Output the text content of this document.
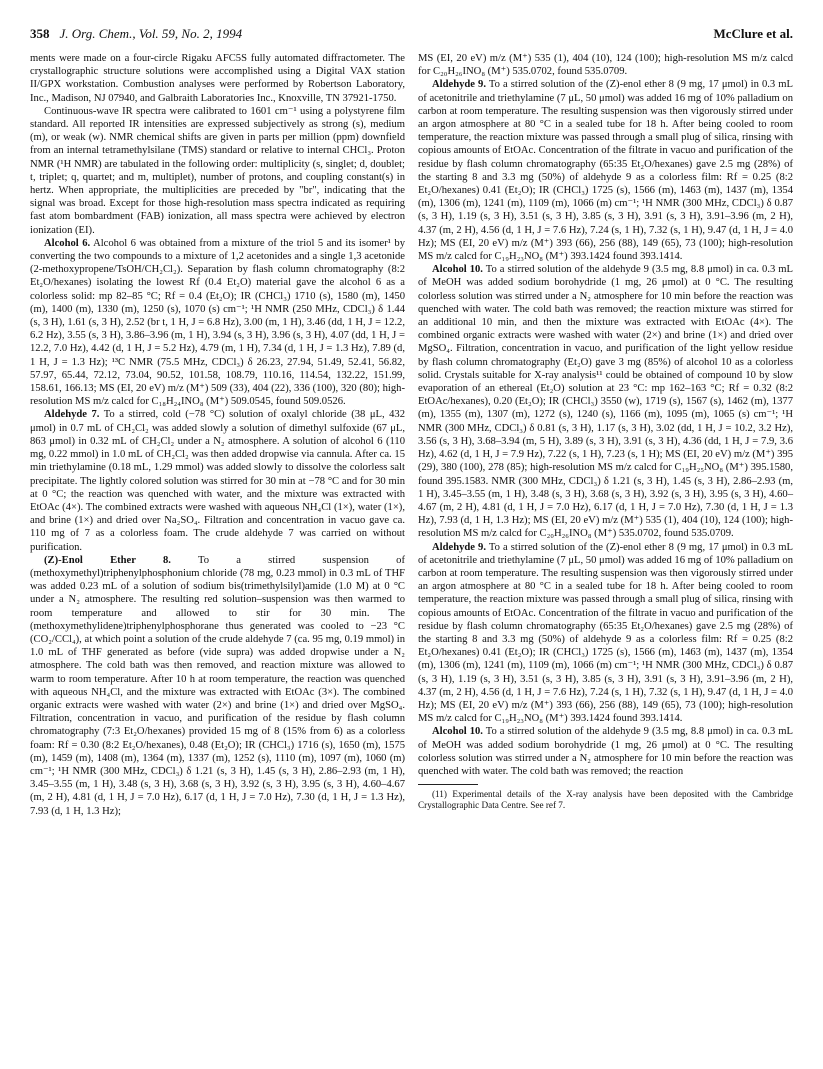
358 J. Org. Chem., Vol. 59, No. 2, 1994	McClure et al.

ments were made on a four-circle Rigaku AFC5S fully automated diffractometer. The crystallographic structure solutions were accomplished using a Digital VAX station II/GPX workstation. Combustion analyses were performed by Robertson Laboratory, Inc., Madison, NJ 07940, and Galbraith Laboratories Inc., Knoxville, TN 37921-1750.

Continuous-wave IR spectra were calibrated to 1601 cm⁻¹ using a polystyrene film standard. All reported IR intensities are expressed subjectively as strong (s), medium (m), or weak (w). NMR chemical shifts are given in parts per million (ppm) downfield from an internal tetramethylsilane (TMS) standard or relative to internal CHCl₃. Proton NMR (¹H NMR) are tabulated in the following order: multiplicity (s, singlet; d, doublet; t, triplet; q, quartet; and m, multiplet), number of protons, and coupling constant(s) in hertz. When appropriate, the multiplicities are preceded by "br", indicating that the signal was broad. Except for those high-resolution mass spectra indicated as requiring fast atom bombardment (FAB) ionization, all mass spectra were achieved by electron ionization (EI).

Alcohol 6. Alcohol 6 was obtained from a mixture of the triol 5 and its isomer¹ by converting the two compounds to a mixture of 1,2 acetonides and a single 1,3 acetonide (2-methoxypropene/TsOH/CH₂Cl₂). Separation by flash column chromatography (8:2 Et₂O/hexanes) isolating the lowest Rf (0.4 Et₂O) material gave the alcohol 6 as a colorless solid: mp 82–85 °C; Rf = 0.4 (Et₂O); IR (CHCl₃) 1710 (s), 1580 (m), 1450 (m), 1400 (m), 1330 (m), 1250 (s), 1070 (s) cm⁻¹; ¹H NMR (250 MHz, CDCl₃) δ 1.44 (s, 3 H), 1.61 (s, 3 H), 2.52 (br t, 1 H, J = 6.8 Hz), 3.00 (m, 1 H), 3.46 (dd, 1 H, J = 12.2, 6.2 Hz), 3.55 (s, 3 H), 3.86–3.96 (m, 1 H), 3.94 (s, 3 H), 3.96 (s, 3 H), 4.07 (dd, 1 H, J = 12.2, 7.0 Hz), 4.42 (d, 1 H, J = 5.2 Hz), 4.79 (m, 1 H), 7.34 (d, 1 H, J = 1.3 Hz), 7.89 (d, 1 H, J = 1.3 Hz); ¹³C NMR (75.5 MHz, CDCl₃) δ 26.23, 27.94, 51.49, 52.41, 56.82, 57.97, 65.44, 72.12, 73.04, 90.52, 101.58, 108.79, 110.16, 114.54, 132.22, 151.99, 158.61, 166.13; MS (EI, 20 eV) m/z (M⁺) 509 (33), 404 (22), 336 (100), 320 (80); high-resolution MS m/z calcd for C₁₈H₂₄INO₈ (M⁺) 509.0545, found 509.0526.

Aldehyde 7. To a stirred, cold (−78 °C) solution of oxalyl chloride (38 μL, 432 μmol) in 0.7 mL of CH₂Cl₂ was added slowly a solution of dimethyl sulfoxide (67 μL, 863 μmol) in 0.32 mL of CH₂Cl₂ under a N₂ atmosphere. A solution of alcohol 6 (110 mg, 0.22 mmol) in 1.0 mL of CH₂Cl₂ was then added dropwise via cannula. After ca. 15 min triethylamine (0.18 mL, 1.29 mmol) was added slowly to dissolve the colorless salt precipitate. The lightly colored solution was stirred for 30 min at −78 °C and for 30 min at 0 °C; the reaction was quenched with water, and the mixture was extracted with EtOAc (4×). The combined extracts were washed with aqueous NH₄Cl (1×), water (1×), and brine (1×) and dried over Na₂SO₄. Filtration and concentration in vacuo gave ca. 110 mg of 7 as a colorless foam. The crude aldehyde 7 was carried on without purification.

(Z)-Enol Ether 8.	To a stirred suspension of (methoxymethyl)triphenylphosphonium chloride (78 mg, 0.23 mmol) in 0.3 mL of THF was added 0.23 mL of a solution of sodium bis(trimethylsilyl)amide (1.0 M) at 0 °C under a N₂ atmosphere. The resulting red solution–suspension was then warmed to room temperature and allowed to stir for 30 min. The (methoxymethylidene)triphenylphosphorane thus generated was cooled to −23 °C (CO₂/CCl₄), at which point a solution of the crude aldehyde 7 (ca. 95 mg, 0.19 mmol) in 1.0 mL of THF generated as before (vide supra) was added dropwise under a N₂ atmosphere. The cold bath was then removed, and reaction mixture was allowed to warm to room temperature. After 10 h at room temperature, the reaction was quenched with aqueous NH₄Cl, and the mixture was extracted with EtOAc (3×). The combined organic extracts were washed with water (2×) and brine (1×) and dried over MgSO₄. Filtration, concentration in vacuo, and purification of the residue by flash column chromatography (7:3 Et₂O/hexanes) provided 15 mg of 8 (15% from 6) as a colorless foam: Rf = 0.30 (8:2 Et₂O/hexanes), 0.48 (Et₂O); IR (CHCl₃) 1716 (s), 1650 (m), 1575 (m), 1459 (m), 1408 (m), 1364 (m), 1337 (m), 1252 (s), 1110 (m), 1097 (m), 1060 (m) cm⁻¹; ¹H NMR (300 MHz, CDCl₃) δ 1.21 (s, 3 H), 1.45 (s, 3 H), 2.86–2.93 (m, 1 H), 3.45–3.55 (m, 1 H), 3.48 (s, 3 H), 3.68 (s, 3 H), 3.92 (s, 3 H), 3.95 (s, 3 H), 4.60–4.67 (m, 2 H), 4.81 (d, 1 H, J = 7.0 Hz), 6.17 (d, 1 H, J = 7.0 Hz), 7.30 (d, 1 H, J = 1.3 Hz), 7.93 (d, 1 H, 1.3 Hz);

MS (EI, 20 eV) m/z (M⁺) 535 (1), 404 (10), 124 (100); high-resolution MS m/z calcd for C₂₀H₂₆INO₈ (M⁺) 535.0702, found 535.0709.

Aldehyde 9. To a stirred solution of the (Z)-enol ether 8 (9 mg, 17 μmol) in 0.3 mL of acetonitrile and triethylamine (7 μL, 50 μmol) was added 16 mg of 10% palladium on carbon at room temperature. The resulting suspension was then vigorously stirred under an argon atmosphere at 80 °C in a sealed tube for 18 h. After being cooled to room temperature, the reaction mixture was passed through a small plug of silica, rinsing with copious amounts of EtOAc. Concentration of the filtrate in vacuo and purification of the residue by flash column chromatography (65:35 Et₂O/hexanes) gave 2.5 mg (28%) of the starting 8 and 3.3 mg (50%) of aldehyde 9 as a colorless film: Rf = 0.25 (8:2 Et₂O/hexanes) 0.41 (Et₂O); IR (CHCl₃) 1725 (s), 1566 (m), 1463 (m), 1437 (m), 1354 (m), 1306 (m), 1241 (m), 1109 (m), 1066 (m) cm⁻¹; ¹H NMR (300 MHz, CDCl₃) δ 0.87 (s, 3 H), 1.19 (s, 3 H), 3.51 (s, 3 H), 3.85 (s, 3 H), 3.91 (s, 3 H), 3.91–3.96 (m, 2 H), 4.37 (m, 2 H), 4.56 (d, 1 H, J = 7.6 Hz), 7.24 (s, 1 H), 7.32 (s, 1 H), 9.47 (d, 1 H, J = 4.0 Hz); MS (EI, 20 eV) m/z (M⁺) 393 (66), 256 (88), 149 (65), 73 (100); high-resolution MS m/z calcd for C₁₉H₂₃NO₈ (M⁺) 393.1424 found 393.1414.

Alcohol 10. To a stirred solution of the aldehyde 9 (3.5 mg, 8.8 μmol) in ca. 0.3 mL of MeOH was added sodium borohydride (1 mg, 26 μmol) at 0 °C. The resulting colorless solution was stirred under a N₂ atmosphere for 10 min before the reaction was quenched with water. The cold bath was removed; the reaction mixture was stirred for an additional 10 min, and then the mixture was extracted with EtOAc (4×). The combined organic extracts were washed with water (2×) and brine (1×) and dried over MgSO₄. Filtration, concentration in vacuo, and purification of the light yellow residue by flash column chromatography (Et₂O) gave 3 mg (85%) of alcohol 10 as a colorless solid. Crystals suitable for X-ray analysis¹¹ could be obtained of compound 10 by slow evaporation of an ethereal (Et₂O) solution at 23 °C: mp 162–163 °C; Rf = 0.32 (8:2 EtOAc/hexanes), 0.20 (Et₂O); IR (CHCl₃) 3550 (w), 1719 (s), 1567 (s), 1462 (m), 1377 (m), 1355 (m), 1307 (m), 1272 (s), 1240 (s), 1166 (m), 1095 (m), 1065 (s) cm⁻¹; ¹H NMR (300 MHz, CDCl₃) δ 0.81 (s, 3 H), 1.17 (s, 3 H), 3.02 (dd, 1 H, J = 10.2, 3.2 Hz), 3.56 (s, 3 H), 3.68–3.94 (m, 5 H), 3.89 (s, 3 H), 3.91 (s, 3 H), 4.36 (dd, 1 H, J = 7.9, 3.6 Hz), 4.62 (d, 1 H, J = 7.9 Hz), 7.22 (s, 1 H), 7.23 (s, 1 H); MS (EI, 20 eV) m/z (M⁺) 395 (29), 380 (100), 278 (85); high-resolution MS m/z calcd for C₁₉H₂₅NO₈ (M⁺) 395.1580, found 395.1583. NMR (300 MHz, CDCl₃) δ 1.21 (s, 3 H), 1.45 (s, 3 H), 2.86–2.93 (m, 1 H), 3.45–3.55 (m, 1 H), 3.48 (s, 3 H), 3.68 (s, 3 H), 3.92 (s, 3 H), 3.95 (s, 3 H), 4.60–4.67 (m, 2 H), 4.81 (d, 1 H, J = 7.0 Hz), 6.17 (d, 1 H, J = 7.0 Hz), 7.30 (d, 1 H, J = 1.3 Hz), 7.93 (d, 1 H, 1.3 Hz); MS (EI, 20 eV) m/z (M⁺) 535 (1), 404 (10), 124 (100); high-resolution MS m/z calcd for C₂₀H₂₆INO₈ (M⁺) 535.0702, found 535.0709.

Aldehyde 9. To a stirred solution of the (Z)-enol ether 8 (9 mg, 17 μmol) in 0.3 mL of acetonitrile and triethylamine (7 μL, 50 μmol) was added 16 mg of 10% palladium on carbon at room temperature. The resulting suspension was then vigorously stirred under an argon atmosphere at 80 °C in a sealed tube for 18 h. After being cooled to room temperature, the reaction mixture was passed through a small plug of silica, rinsing with copious amounts of EtOAc. Concentration of the filtrate in vacuo and purification of the residue by flash column chromatography (65:35 Et₂O/hexanes) gave 2.5 mg (28%) of the starting 8 and 3.3 mg (50%) of aldehyde 9 as a colorless film: Rf = 0.25 (8:2 Et₂O/hexanes) 0.41 (Et₂O); IR (CHCl₃) 1725 (s), 1566 (m), 1463 (m), 1437 (m), 1354 (m), 1306 (m), 1241 (m), 1109 (m), 1066 (m) cm⁻¹; ¹H NMR (300 MHz, CDCl₃) δ 0.87 (s, 3 H), 1.19 (s, 3 H), 3.51 (s, 3 H), 3.85 (s, 3 H), 3.91 (s, 3 H), 3.91–3.96 (m, 2 H), 4.37 (m, 2 H), 4.56 (d, 1 H, J = 7.6 Hz), 7.24 (s, 1 H), 7.32 (s, 1 H), 9.47 (d, 1 H, J = 4.0 Hz); MS (EI, 20 eV) m/z (M⁺) 393 (66), 256 (88), 149 (65), 73 (100); high-resolution MS m/z calcd for C₁₉H₂₃NO₈ (M⁺) 393.1424 found 393.1414.

Alcohol 10. To a stirred solution of the aldehyde 9 (3.5 mg, 8.8 μmol) in ca. 0.3 mL of MeOH was added sodium borohydride (1 mg, 26 μmol) at 0 °C. The resulting colorless solution was stirred under a N₂ atmosphere for 10 min before the reaction was quenched with water. The cold bath was removed; the reaction

(11) Experimental details of the X-ray analysis have been deposited with the Cambridge Crystallographic Data Centre. See ref 7.
